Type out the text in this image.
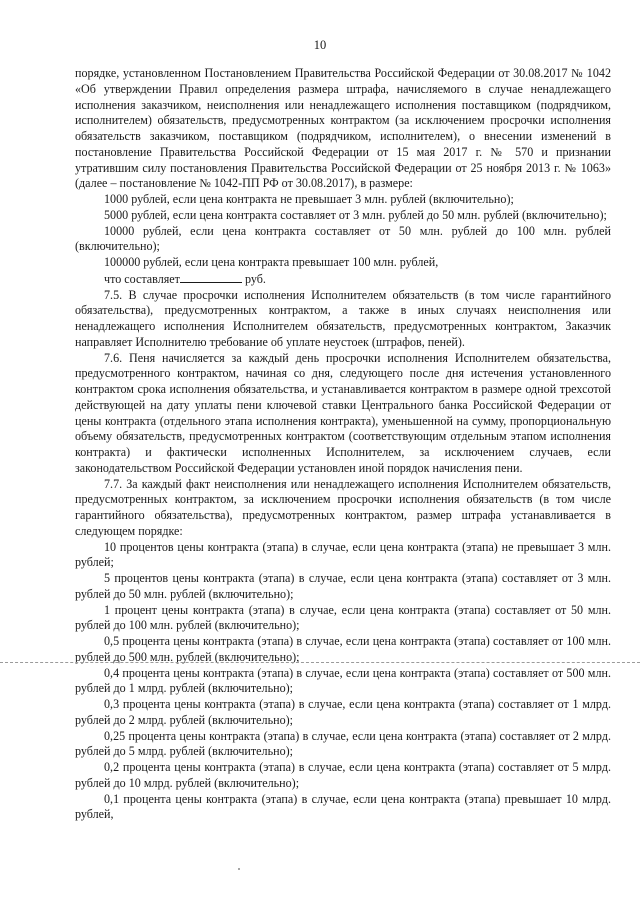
10

порядке, установленном Постановлением Правительства Российской Федерации от 30.08.2017 № 1042 «Об утверждении Правил определения размера штрафа, начисляемого в случае ненадлежащего исполнения заказчиком, неисполнения или ненадлежащего исполнения поставщиком (подрядчиком, исполнителем) обязательств, предусмотренных контрактом (за исключением просрочки исполнения обязательств заказчиком, поставщиком (подрядчиком, исполнителем), о внесении изменений в постановление Правительства Российской Федерации от 15 мая 2017 г. № 570 и признании утратившим силу постановления Правительства Российской Федерации от 25 ноября 2013 г. № 1063» (далее – постановление № 1042-ПП РФ от 30.08.2017), в размере:

1000 рублей, если цена контракта не превышает 3 млн. рублей (включительно);

5000 рублей, если цена контракта составляет от 3 млн. рублей до 50 млн. рублей (включительно);

10000 рублей, если цена контракта составляет от 50 млн. рублей до 100 млн. рублей (включительно);

100000 рублей, если цена контракта превышает 100 млн. рублей,

что составляет	руб.

7.5. В случае просрочки исполнения Исполнителем обязательств (в том числе гарантийного обязательства), предусмотренных контрактом, а также в иных случаях неисполнения или ненадлежащего исполнения Исполнителем обязательств, предусмотренных контрактом, Заказчик направляет Исполнителю требование об уплате неустоек (штрафов, пеней).

7.6. Пеня начисляется за каждый день просрочки исполнения Исполнителем обязательства, предусмотренного контрактом, начиная со дня, следующего после дня истечения установленного контрактом срока исполнения обязательства, и устанавливается контрактом в размере одной трехсотой действующей на дату уплаты пени ключевой ставки Центрального банка Российской Федерации от цены контракта (отдельного этапа исполнения контракта), уменьшенной на сумму, пропорциональную объему обязательств, предусмотренных контрактом (соответствующим отдельным этапом исполнения контракта) и фактически исполненных Исполнителем, за исключением случаев, если законодательством Российской Федерации установлен иной порядок начисления пени.

7.7. За каждый факт неисполнения или ненадлежащего исполнения Исполнителем обязательств, предусмотренных контрактом, за исключением просрочки исполнения обязательств (в том числе гарантийного обязательства), предусмотренных контрактом, размер штрафа устанавливается в следующем порядке:

10 процентов цены контракта (этапа) в случае, если цена контракта (этапа) не превышает 3 млн. рублей;

5 процентов цены контракта (этапа) в случае, если цена контракта (этапа) составляет от 3 млн. рублей до 50 млн. рублей (включительно);

1 процент цены контракта (этапа) в случае, если цена контракта (этапа) составляет от 50 млн. рублей до 100 млн. рублей (включительно);

0,5 процента цены контракта (этапа) в случае, если цена контракта (этапа) составляет от 100 млн. рублей до 500 млн. рублей (включительно);

0,4 процента цены контракта (этапа) в случае, если цена контракта (этапа) составляет от 500 млн. рублей до 1 млрд. рублей (включительно);

0,3 процента цены контракта (этапа) в случае, если цена контракта (этапа) составляет от 1 млрд. рублей до 2 млрд. рублей (включительно);

0,25 процента цены контракта (этапа) в случае, если цена контракта (этапа) составляет от 2 млрд. рублей до 5 млрд. рублей (включительно);

0,2 процента цены контракта (этапа) в случае, если цена контракта (этапа) составляет от 5 млрд. рублей до 10 млрд. рублей (включительно);

0,1 процента цены контракта (этапа) в случае, если цена контракта (этапа) превышает 10 млрд. рублей,
